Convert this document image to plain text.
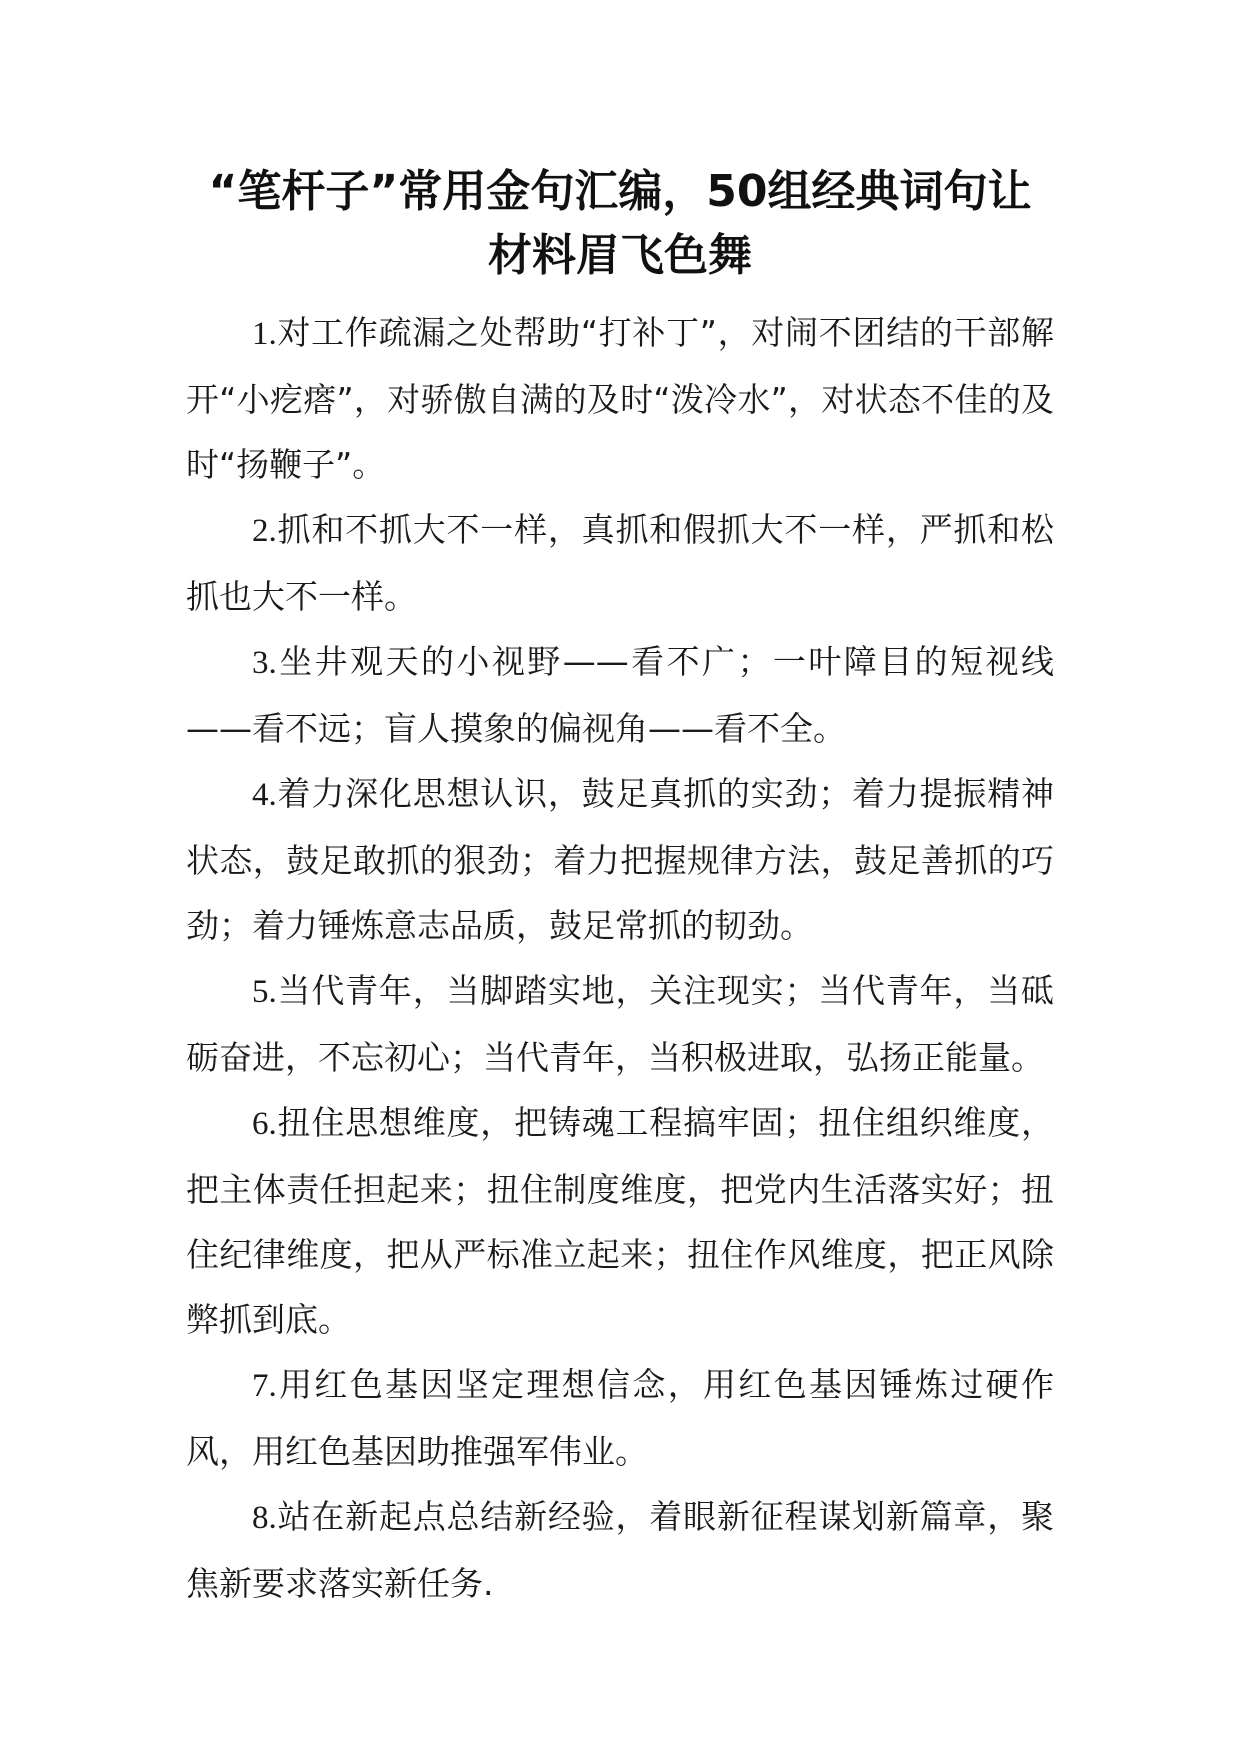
“笔杆子”常用金句汇编，50组经典词句让
材料眉飞色舞

1.对工作疏漏之处帮助“打补丁”，对闹不团结的干部解开“小疙瘩”，对骄傲自满的及时“泼冷水”，对状态不佳的及时“扬鞭子”。

2.抓和不抓大不一样，真抓和假抓大不一样，严抓和松抓也大不一样。

3.坐井观天的小视野——看不广；一叶障目的短视线——看不远；盲人摸象的偏视角——看不全。

4.着力深化思想认识，鼓足真抓的实劲；着力提振精神状态，鼓足敢抓的狠劲；着力把握规律方法，鼓足善抓的巧劲；着力锤炼意志品质，鼓足常抓的韧劲。

5.当代青年，当脚踏实地，关注现实；当代青年，当砥砺奋进，不忘初心；当代青年，当积极进取，弘扬正能量。

6.扭住思想维度，把铸魂工程搞牢固；扭住组织维度，把主体责任担起来；扭住制度维度，把党内生活落实好；扭住纪律维度，把从严标准立起来；扭住作风维度，把正风除弊抓到底。

7.用红色基因坚定理想信念，用红色基因锤炼过硬作风，用红色基因助推强军伟业。

8.站在新起点总结新经验，着眼新征程谋划新篇章，聚焦新要求落实新任务.
